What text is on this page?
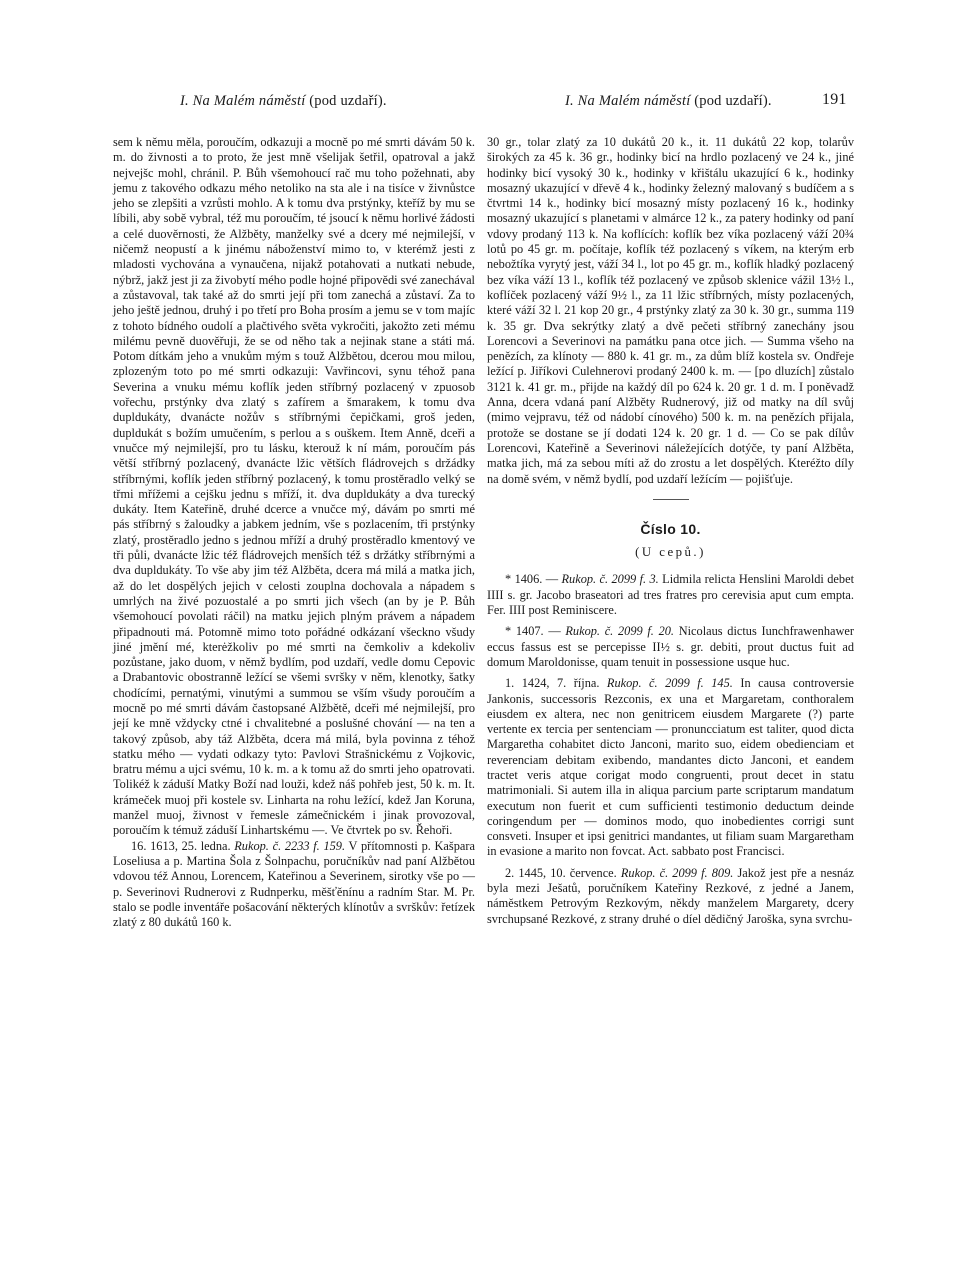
I. Na Malém náměstí (pod uzdaří).	I. Na Malém náměstí (pod uzdaří).	191

sem k němu měla, poroučím, odkazuji a mocně po mé smrti dávám 50 k. m. do živnosti a to proto, že jest mně všelijak šetřil, opatroval a jakž nejvejšc mohl, chránil. P. Bůh všemohoucí rač mu toho požehnati, aby jemu z takového odkazu mého netoliko na sta ale i na tisíce v živnůstce jeho se zlepšiti a vzrůsti mohlo. A k tomu dva prstýnky, kteříž by mu se líbili, aby sobě vybral, též mu poroučím, té jsoucí k němu horlivé žádosti a celé duověrnosti, že Alžběty, manželky své a dcery mé nejmilejší, v ničemž neopustí a k jinému náboženství mimo to, v kterémž jesti z mladosti vychována a vynaučena, nijakž potahovati a nutkati nebude, nýbrž, jakž jest ji za živobytí mého podle hojné připovědi své zanechával a zůstavoval, tak také až do smrti její při tom zanechá a zůstaví. Za to jeho ještě jednou, druhý i po třetí pro Boha prosím a jemu se v tom majíc z tohoto bídného oudolí a plačtivého světa vykročiti, jakožto zeti mému milému pevně duověřuji, že se od něho tak a nejinak stane a státi má. Potom dítkám jeho a vnukům mým s touž Alžbětou, dcerou mou milou, zplozeným toto po mé smrti odkazuji: Vavřincovi, synu téhož pana Severina a vnuku mému koflík jeden stříbrný pozlacený v zpuosob vořechu, prstýnky dva zlatý s zafírem a šmarakem, k tomu dva dupldukáty, dvanácte nožův s stříbrnými čepičkami, groš jeden, dupldukát s božím umučením, s perlou a s ouškem. Item Anně, dceři a vnučce mý nejmilejší, pro tu lásku, kterouž k ní mám, poroučím pás větší stříbrný pozlacený, dvanácte lžic větších fládrovejch s držádky stříbrnými, koflík jeden stříbrný pozlacený, k tomu prostěradlo velký se třmi mřížemi a cejšku jednu s mříží, it. dva dupldukáty a dva turecký dukáty. Item Kateřině, druhé dcerce a vnučce mý, dávám po smrti mé pás stříbrný s žaloudky a jabkem jedním, vše s pozlacením, tři prstýnky zlatý, prostěradlo jedno s jednou mříží a druhý prostěradlo kmentový ve tři půli, dvanácte lžic též fládrovejch menších též s držátky stříbrnými a dva dupldukáty. To vše aby jim též Alžběta, dcera má milá a matka jich, až do let dospělých jejich v celosti zouplna dochovala a nápadem s umrlých na živé pozuostalé a po smrti jich všech (an by je P. Bůh všemohoucí povolati ráčil) na matku jejich plným právem a nápadem připadnouti má. Potomně mimo toto pořádné odkázaní všeckno všudy jiné jmění mé, kterėžkoliv po mé smrti na čemkoliv a kdekoliv pozůstane, jako duom, v němž bydlím, pod uzdaří, vedle domu Cepovic a Drabantovic obostranně ležící se všemi svršky v něm, klenotky, šatky chodícími, pernatými, vinutými a summou se vším všudy poroučím a mocně po mé smrti dávám častopsané Alžbětě, dceři mé nejmilejší, pro její ke mně vždycky ctné i chvalitebné a poslušné chování — na ten a takový způsob, aby táž Alžběta, dcera má milá, byla povinna z téhož statku mého — vydati odkazy tyto: Pavlovi Strašnickému z Vojkovic, bratru mému a ujci svému, 10 k. m. a k tomu až do smrti jeho opatrovati. Tolikéž k záduší Matky Boží nad louži, kdež náš pohřeb jest, 50 k. m. It. krámeček muoj při kostele sv. Linharta na rohu ležící, kdež Jan Koruna, manžel muoj, živnost v řemesle zámečnickém i jinak provozoval, poroučím k témuž záduší Linhartskému —. Ve čtvrtek po sv. Řehoři.

16. 1613, 25. ledna. Rukop. č. 2233 f. 159. V přítomnosti p. Kašpara Loseliusa a p. Martina Šola z Šolnpachu, poručníkův nad paní Alžbětou vdovou též Annou, Lorencem, Kateřinou a Severinem, sirotky vše po — p. Severinovi Rudnerovi z Rudnperku, měšťěnínu a radním Star. M. Pr. stalo se podle inventáře pošacování některých klínotův a svrškův: řetízek zlatý z 80 dukátů 160 k.

30 gr., tolar zlatý za 10 dukátů 20 k., it. 11 dukátů 22 kop, tolarův širokých za 45 k. 36 gr., hodinky bicí na hrdlo pozlacený ve 24 k., jiné hodinky bicí vysoký 30 k., hodinky v křištálu ukazující 6 k., hodinky mosazný ukazující v dřevě 4 k., hodinky železný malovaný s budíčem a s čtvrtmi 14 k., hodinky bicí mosazný místy pozlacený 16 k., hodinky mosazný ukazující s planetami v almárce 12 k., za patery hodinky od paní vdovy prodaný 113 k. Na koflících: koflík bez víka pozlacený váží 20¾ lotů po 45 gr. m. počítaje, koflík též pozlacený s víkem, na kterým erb nebožtíka vyrytý jest, váží 34 l., lot po 45 gr. m., koflík hladký pozlacený bez víka váží 13 l., koflík též pozlacený ve způsob sklenice vážil 13½ l., koflíček pozlacený váží 9½ l., za 11 lžic stříbrných, místy pozlacených, které váží 32 l. 21 kop 20 gr., 4 prstýnky zlatý za 30 k. 30 gr., summa 119 k. 35 gr. Dva sekrýtky zlatý a dvě pečeti stříbrný zanechány jsou Lorencovi a Severinovi na památku pana otce jich. — Summa všeho na penězích, za klínoty — 880 k. 41 gr. m., za dům blíž kostela sv. Ondřeje ležící p. Jiříkovi Culehnerovi prodaný 2400 k. m. — [po dluzích] zůstalo 3121 k. 41 gr. m., přijde na každý díl po 624 k. 20 gr. 1 d. m. I poněvadž Anna, dcera vdaná paní Alžběty Rudnerový, již od matky na díl svůj (mimo vejpravu, též od nádobí cínového) 500 k. m. na penězích přijala, protože se dostane se jí dodati 124 k. 20 gr. 1 d. — Co se pak dílův Lorencovi, Kateřině a Severinovi náležejících dotýče, ty paní Alžběta, matka jich, má za sebou míti až do zrostu a let dospělých. Kteréžto díly na domě svém, v němž bydlí, pod uzdaří ležícím — pojišťuje.

Číslo 10.

(U cepů.)

* 1406. — Rukop. č. 2099 f. 3. Lidmila relicta Henslini Maroldi debet IIII s. gr. Jacobo braseatori ad tres fratres pro cerevisia aput cum empta. Fer. IIII post Reminiscere.

* 1407. — Rukop. č. 2099 f. 20. Nicolaus dictus Iunchfrawenhawer eccus fassus est se percepisse II½ s. gr. debiti, prout ductus fuit ad domum Maroldonisse, quam tenuit in possessione usque huc.

1. 1424, 7. října. Rukop. č. 2099 f. 145. In causa controversie Jankonis, successoris Rezconis, ex una et Margaretam, conthoralem eiusdem ex altera, nec non genitricem eiusdem Margarete (?) parte vertente ex tercia per sentenciam — pronuncciatum est taliter, quod dicta Margaretha cohabitet dicto Janconi, marito suo, eidem obedienciam et reverenciam debitam exibendo, mandantes dicto Janconi, et eandem tractet veris atque corigat modo congruenti, prout decet in statu matrimoniali. Si autem illa in aliqua parcium parte scriptarum mandatum executum non fuerit et cum sufficienti testimonio deductum deinde coringendum per — dominos modo, quo inobedientes corrigi sunt consveti. Insuper et ipsi genitrici mandantes, ut filiam suam Margaretham in evasione a marito non fovcat. Act. sabbato post Francisci.

2. 1445, 10. července. Rukop. č. 2099 f. 809. Jakož jest pře a nesnáz byla mezi Ješatů, poručníkem Kateřiny Rezkové, z jedné a Janem, náměstkem Petrovým Rezkovým, někdy manželem Margarety, dcery svrchupsané Rezkové, z strany druhé o díel dědičný Jaroška, syna svrchu-
